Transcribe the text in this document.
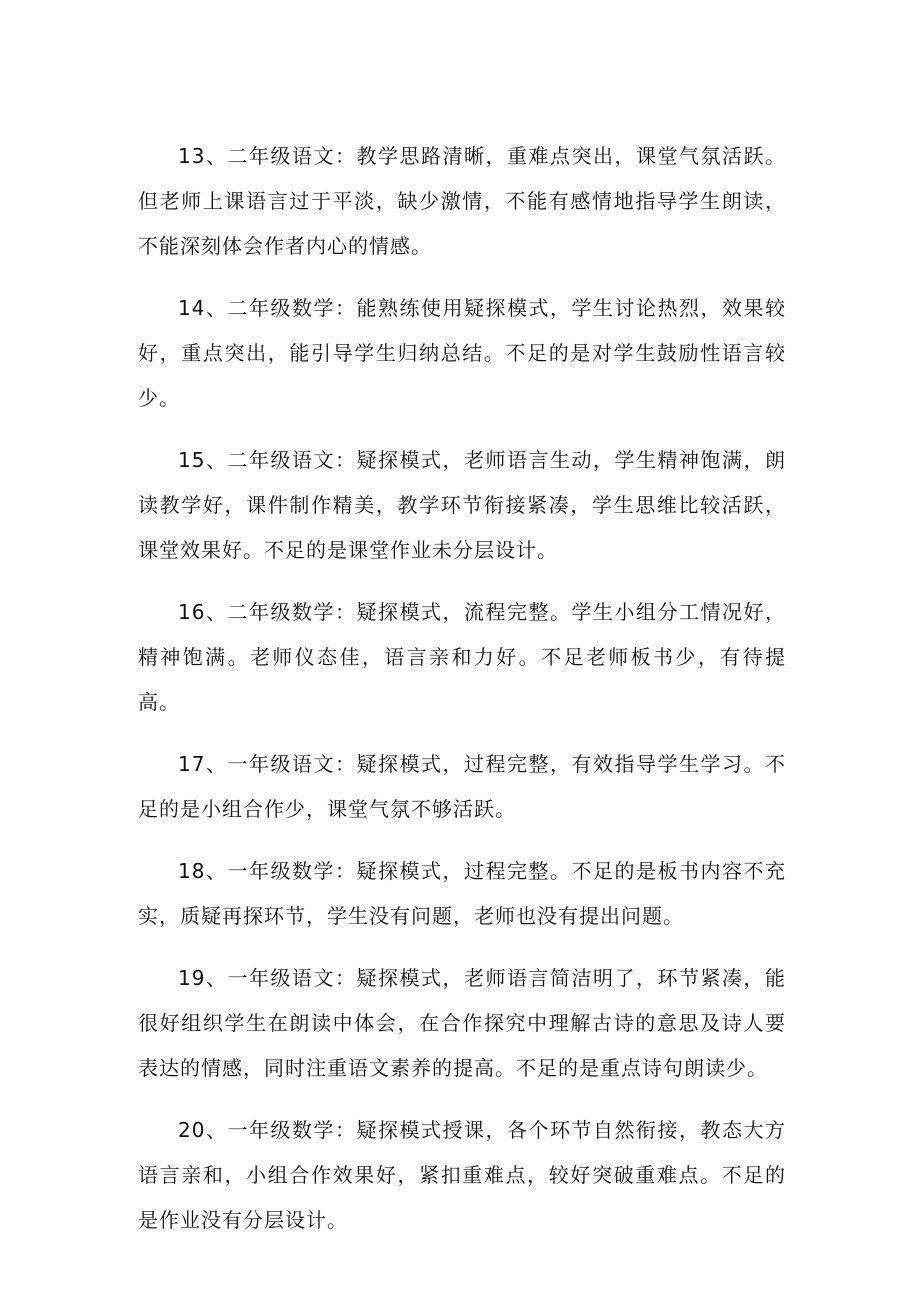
13、二年级语文：教学思路清晰，重难点突出，课堂气氛活跃。但老师上课语言过于平淡，缺少激情，不能有感情地指导学生朗读，不能深刻体会作者内心的情感。

14、二年级数学：能熟练使用疑探模式，学生讨论热烈，效果较好，重点突出，能引导学生归纳总结。不足的是对学生鼓励性语言较少。

15、二年级语文：疑探模式，老师语言生动，学生精神饱满，朗读教学好，课件制作精美，教学环节衔接紧凑，学生思维比较活跃，课堂效果好。不足的是课堂作业未分层设计。

16、二年级数学：疑探模式，流程完整。学生小组分工情况好，精神饱满。老师仪态佳，语言亲和力好。不足老师板书少，有待提高。

17、一年级语文：疑探模式，过程完整，有效指导学生学习。不足的是小组合作少，课堂气氛不够活跃。

18、一年级数学：疑探模式，过程完整。不足的是板书内容不充实，质疑再探环节，学生没有问题，老师也没有提出问题。

19、一年级语文：疑探模式，老师语言简洁明了，环节紧凑，能很好组织学生在朗读中体会，在合作探究中理解古诗的意思及诗人要表达的情感，同时注重语文素养的提高。不足的是重点诗句朗读少。

20、一年级数学：疑探模式授课，各个环节自然衔接，教态大方语言亲和，小组合作效果好，紧扣重难点，较好突破重难点。不足的是作业没有分层设计。
